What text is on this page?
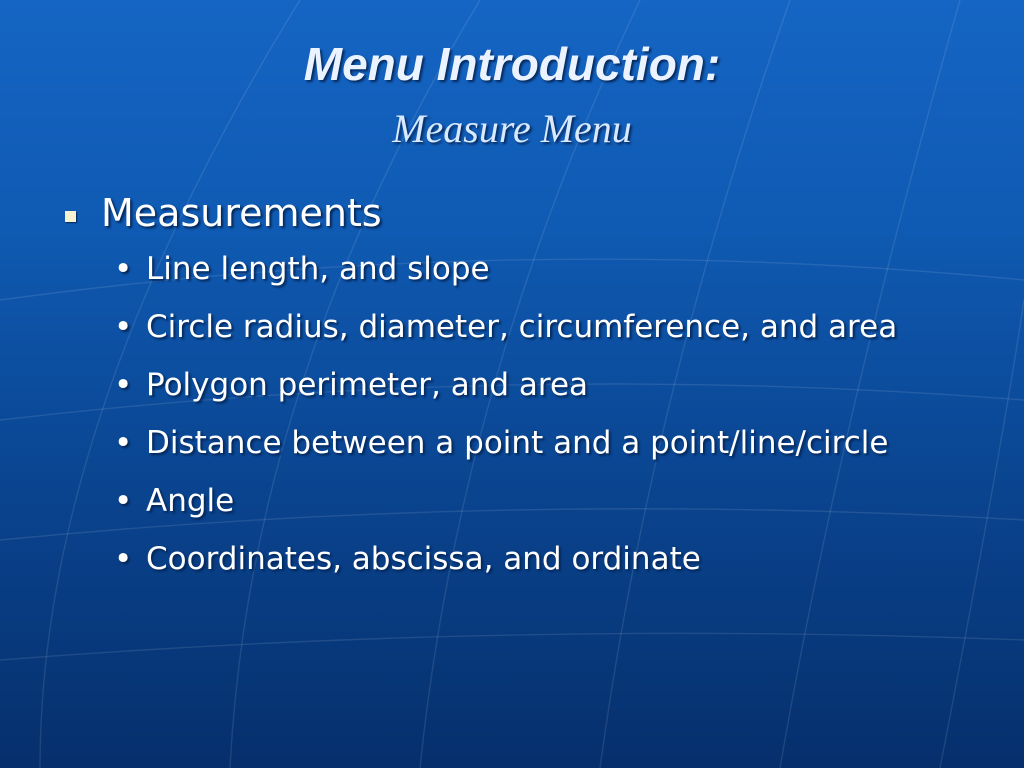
Menu Introduction:
Measure Menu
Measurements
• Line length, and slope
• Circle radius, diameter, circumference, and area
• Polygon perimeter, and area
• Distance between a point and a point/line/circle
• Angle
• Coordinates, abscissa, and ordinate
